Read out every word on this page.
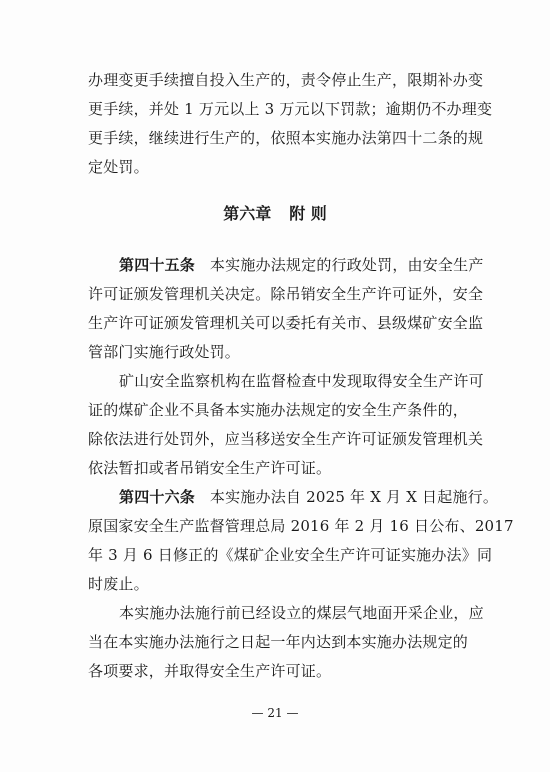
办理变更手续擅自投入生产的，责令停止生产，限期补办变
更手续，并处 1 万元以上 3 万元以下罚款；逾期仍不办理变
更手续，继续进行生产的，依照本实施办法第四十二条的规
定处罚。
第六章 附 则
第四十五条 本实施办法规定的行政处罚，由安全生产
许可证颁发管理机关决定。除吊销安全生产许可证外，安全
生产许可证颁发管理机关可以委托有关市、县级煤矿安全监
管部门实施行政处罚。
矿山安全监察机构在监督检查中发现取得安全生产许可
证的煤矿企业不具备本实施办法规定的安全生产条件的，
除依法进行处罚外，应当移送安全生产许可证颁发管理机关
依法暂扣或者吊销安全生产许可证。
第四十六条 本实施办法自 2025 年 X 月 X 日起施行。
原国家安全生产监督管理总局 2016 年 2 月 16 日公布、2017
年 3 月 6 日修正的《煤矿企业安全生产许可证实施办法》同
时废止。
本实施办法施行前已经设立的煤层气地面开采企业，应
当在本实施办法施行之日起一年内达到本实施办法规定的
各项要求，并取得安全生产许可证。
— 21 —
